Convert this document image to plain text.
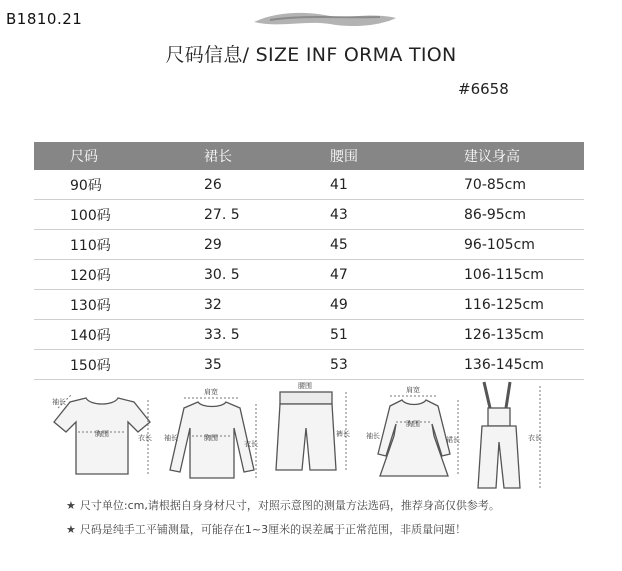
B1810.21
尺码信息/ SIZE INF ORMA TION
#6658
尺码	裙长	腰围	建议身高
90码	26	41	70-85cm
100码	27. 5	43	86-95cm
110码	29	45	96-105cm
120码	30. 5	47	106-115cm
130码	32	49	116-125cm
140码	33. 5	51	126-135cm
150码	35	53	136-145cm
胸围
袖长
衣长
肩宽
胸围
袖长
衣长
腰围
裤长
肩宽
胸围
袖长	裙长	衣长
★ 尺寸单位:cm,请根据自身身材尺寸，对照示意图的测量方法选码，推荐身高仅供参考。
★ 尺码是纯手工平铺测量，可能存在1~3厘米的误差属于正常范围，非质量问题！
